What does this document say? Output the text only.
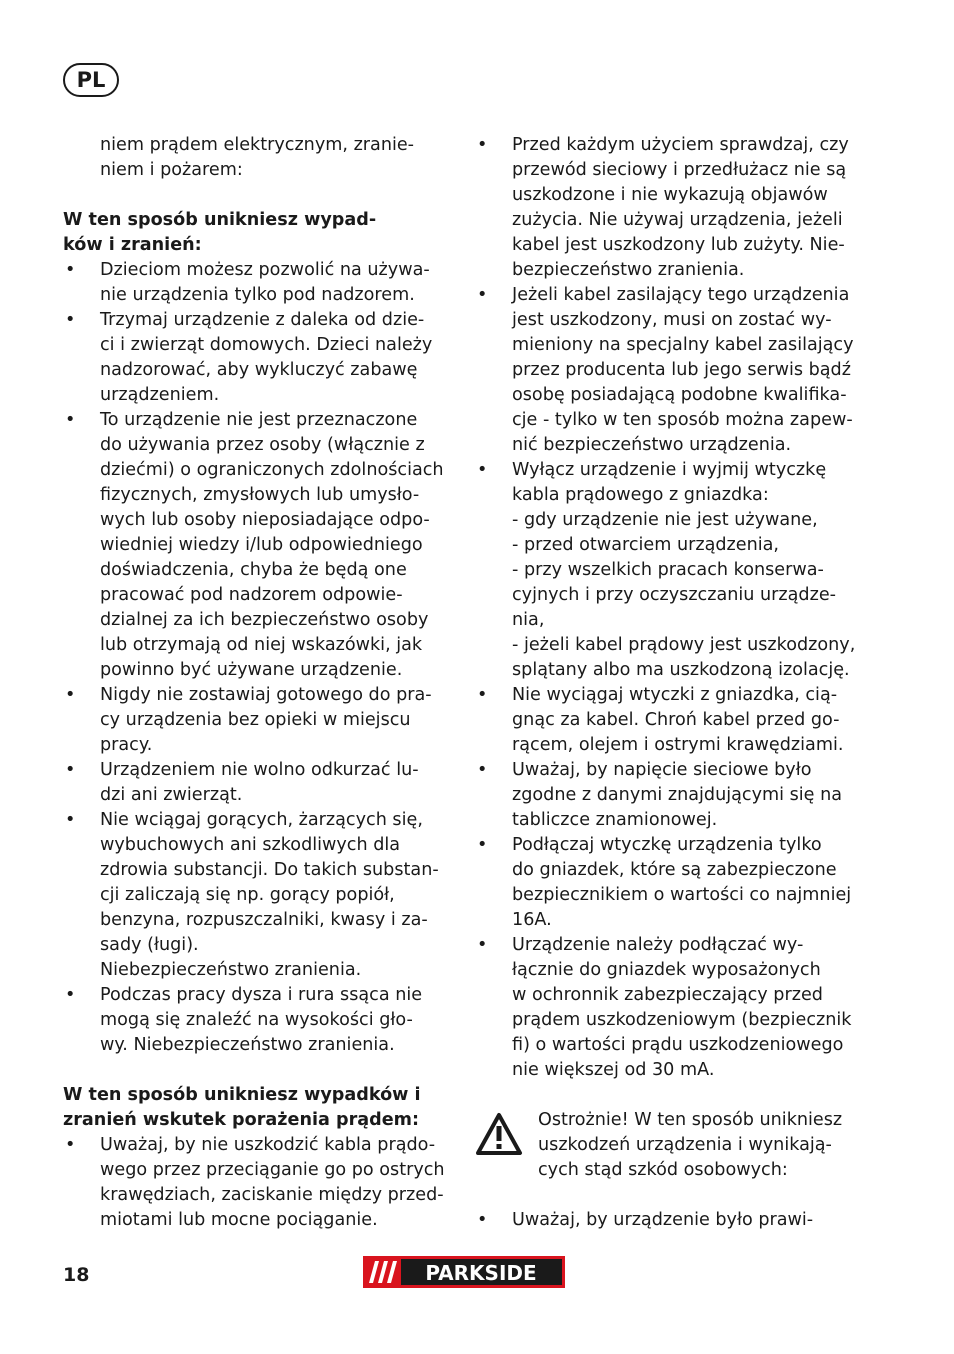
PL

niem prądem elektrycznym, zranie-
niem i pożarem:

W ten sposób unikniesz wypad-
ków i zranień:

• Dzieciom możesz pozwolić na używa-
nie urządzenia tylko pod nadzorem.
• Trzymaj urządzenie z daleka od dzie-
ci i zwierząt domowych. Dzieci należy
nadzorować, aby wykluczyć zabawę
urządzeniem.
• To urządzenie nie jest przeznaczone
do używania przez osoby (włącznie z
dziećmi) o ograniczonych zdolnościach
fizycznych, zmysłowych lub umysło-
wych lub osoby nieposiadające odpo-
wiedniej wiedzy i/lub odpowiedniego
doświadczenia, chyba że będą one
pracować pod nadzorem odpowie-
dzialnej za ich bezpieczeństwo osoby
lub otrzymają od niej wskazówki, jak
powinno być używane urządzenie.
• Nigdy nie zostawiaj gotowego do pra-
cy urządzenia bez opieki w miejscu
pracy.
• Urządzeniem nie wolno odkurzać lu-
dzi ani zwierząt.
• Nie wciągaj gorących, żarzących się,
wybuchowych ani szkodliwych dla
zdrowia substancji. Do takich substan-
cji zaliczają się np. gorący popiół,
benzyna, rozpuszczalniki, kwasy i za-
sady (ługi).
Niebezpieczeństwo zranienia.
• Podczas pracy dysza i rura ssąca nie
mogą się znaleźć na wysokości gło-
wy. Niebezpieczeństwo zranienia.

W ten sposób unikniesz wypadków i
zranień wskutek porażenia prądem:

• Uważaj, by nie uszkodzić kabla prądo-
wego przez przeciąganie go po ostrych
krawędziach, zaciskanie między przed-
miotami lub mocne pociąganie.
• Przed każdym użyciem sprawdzaj, czy
przewód sieciowy i przedłużacz nie są
uszkodzone i nie wykazują objawów
zużycia. Nie używaj urządzenia, jeżeli
kabel jest uszkodzony lub zużyty. Nie-
bezpieczeństwo zranienia.
• Jeżeli kabel zasilający tego urządzenia
jest uszkodzony, musi on zostać wy-
mieniony na specjalny kabel zasilający
przez producenta lub jego serwis bądź
osobę posiadającą podobne kwalifika-
cje - tylko w ten sposób można zapew-
nić bezpieczeństwo urządzenia.
• Wyłącz urządzenie i wyjmij wtyczkę
kabla prądowego z gniazdka:
- gdy urządzenie nie jest używane,
- przed otwarciem urządzenia,
- przy wszelkich pracach konserwa-
cyjnych i przy oczyszczaniu urządze-
nia,
- jeżeli kabel prądowy jest uszkodzony,
splątany albo ma uszkodzoną izolację.
• Nie wyciągaj wtyczki z gniazdka, cią-
gnąc za kabel. Chroń kabel przed go-
rącem, olejem i ostrymi krawędziami.
• Uważaj, by napięcie sieciowe było
zgodne z danymi znajdującymi się na
tabliczce znamionowej.
• Podłączaj wtyczkę urządzenia tylko
do gniazdek, które są zabezpieczone
bezpiecznikiem o wartości co najmniej
16A.
• Urządzenie należy podłączać wy-
łącznie do gniazdek wyposażonych
w ochronnik zabezpieczający przed
prądem uszkodzeniowym (bezpiecznik
fi) o wartości prądu uszkodzeniowego
nie większej od 30 mA.

Ostrożnie! W ten sposób unikniesz
uszkodzeń urządzenia i wynikają-
cych stąd szkód osobowych:

• Uważaj, by urządzenie było prawi-
18	PARKSIDE
